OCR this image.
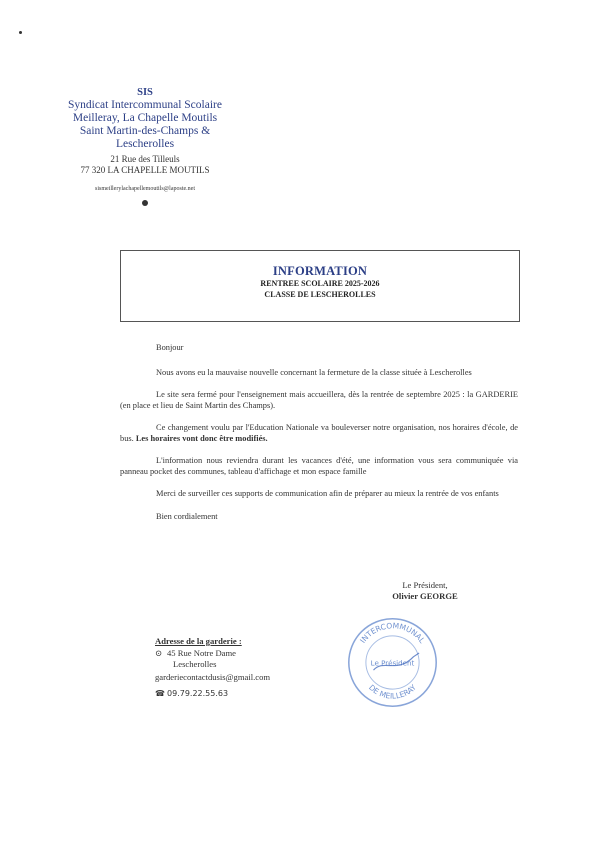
SIS
Syndicat Intercommunal Scolaire
Meilleray, La Chapelle Moutils
Saint Martin-des-Champs &
Lescherolles
21 Rue des Tilleuls
77 320 LA CHAPELLE MOUTILS
sismeillerylachapellemoutils@laposte.net
INFORMATION
RENTREE SCOLAIRE 2025-2026
CLASSE DE LESCHEROLLES

Bonjour

Nous avons eu la mauvaise nouvelle concernant la fermeture de la classe située à Lescherolles

Le site sera fermé pour l'enseignement mais accueillera, dès la rentrée de septembre 2025 : la GARDERIE (en place et lieu de Saint Martin des Champs).

Ce changement voulu par l'Education Nationale va bouleverser notre organisation, nos horaires d'école, de bus. Les horaires vont donc être modifiés.

L'information nous reviendra durant les vacances d'été, une information vous sera communiquée via panneau pocket des communes, tableau d'affichage et mon espace famille

Merci de surveiller ces supports de communication afin de préparer au mieux la rentrée de vos enfants

Bien cordialement

Le Président,
Olivier GEORGE
INTERCOMMUNAL
DE MEILLERAY
Le Président
Adresse de la garderie :
⊙ 45 Rue Notre Dame
Lescherolles
garderiecontactdusis@gmail.com
☎ 09.79.22.55.63
